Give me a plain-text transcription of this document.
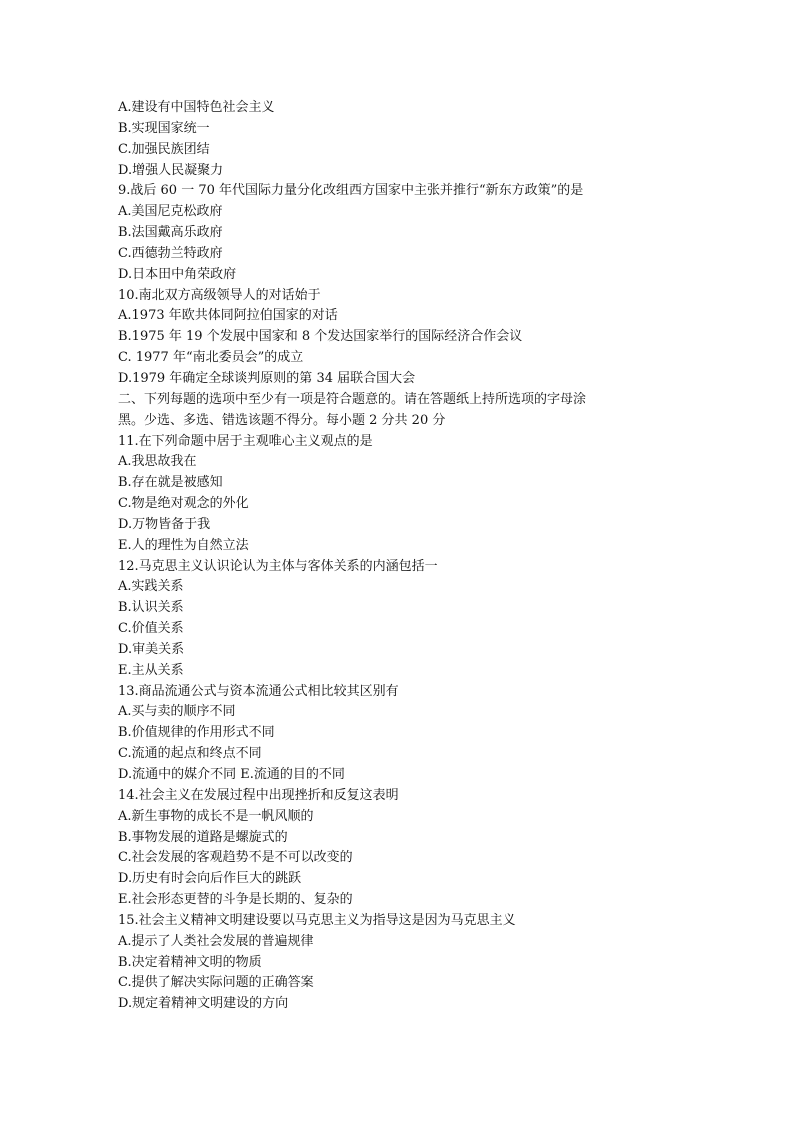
A.建设有中国特色社会主义
B.实现国家统一
C.加强民族团结
D.增强人民凝聚力
9.战后 60 一 70 年代国际力量分化改组西方国家中主张并推行“新东方政策”的是
A.美国尼克松政府
B.法国戴高乐政府
C.西德勃兰特政府
D.日本田中角荣政府
10.南北双方高级领导人的对话始于
A.1973 年欧共体同阿拉伯国家的对话
B.1975 年 19 个发展中国家和 8 个发达国家举行的国际经济合作会议
C. 1977 年“南北委员会”的成立
D.1979 年确定全球谈判原则的第 34 届联合国大会
二、下列每题的选项中至少有一项是符合题意的。请在答题纸上持所选项的字母涂
黑。少选、多选、错选该题不得分。每小题 2 分共 20 分
11.在下列命题中居于主观唯心主义观点的是
A.我思故我在
B.存在就是被感知
C.物是绝对观念的外化
D.万物皆备于我
E.人的理性为自然立法
12.马克思主义认识论认为主体与客体关系的内涵包括一
A.实践关系
B.认识关系
C.价值关系
D.审美关系
E.主从关系
13.商品流通公式与资本流通公式相比较其区别有
A.买与卖的顺序不同
B.价值规律的作用形式不同
C.流通的起点和终点不同
D.流通中的媒介不同 E.流通的目的不同
14.社会主义在发展过程中出现挫折和反复这表明
A.新生事物的成长不是一帆风顺的
B.事物发展的道路是螺旋式的
C.社会发展的客观趋势不是不可以改变的
D.历史有时会向后作巨大的跳跃
E.社会形态更替的斗争是长期的、复杂的
15.社会主义精神文明建设要以马克思主义为指导这是因为马克思主义
A.提示了人类社会发展的普遍规律
B.决定着精神文明的物质
C.提供了解决实际问题的正确答案
D.规定着精神文明建设的方向
